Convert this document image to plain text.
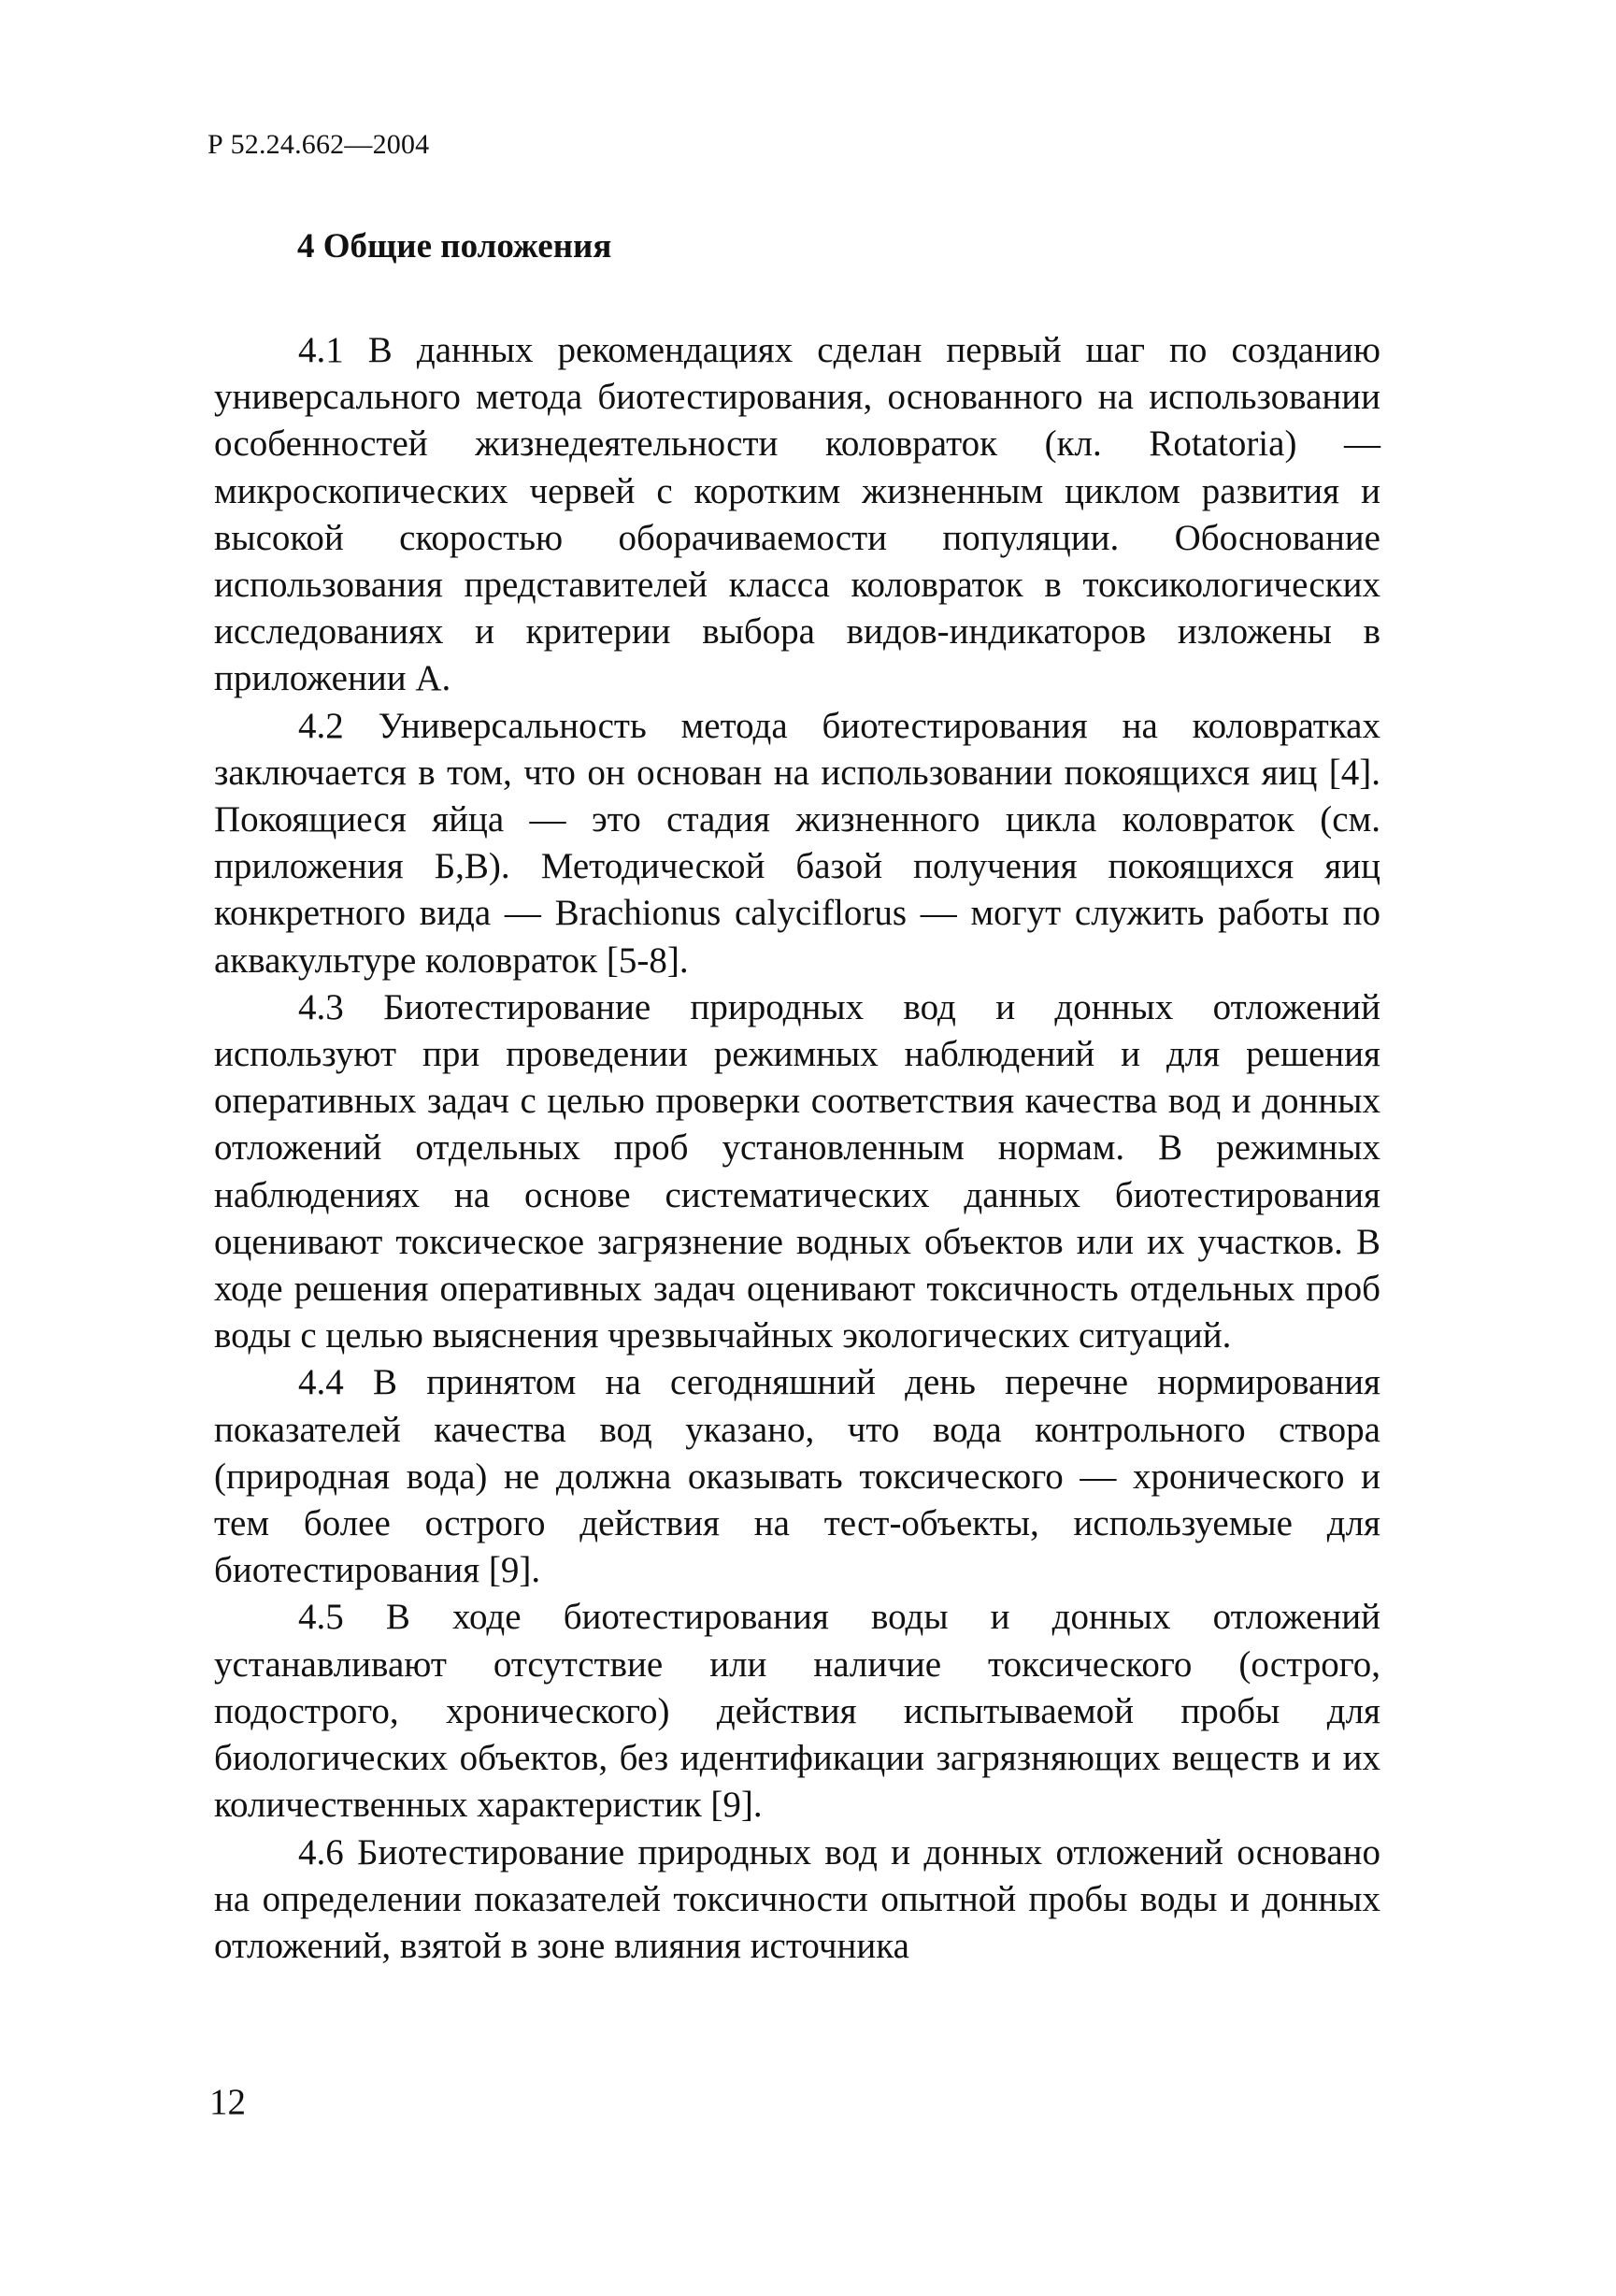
Р 52.24.662—2004
4 Общие положения

4.1 В данных рекомендациях сделан первый шаг по созданию универсального метода биотестирования, основанного на использовании особенностей жизнедеятельности коловраток (кл. Rotatoria) — микроскопических червей с коротким жизненным циклом развития и высокой скоростью оборачиваемости популяции. Обоснование использования представителей класса коловраток в токсикологических исследованиях и критерии выбора видов-индикаторов изложены в приложении А.

4.2 Универсальность метода биотестирования на коловратках заключается в том, что он основан на использовании покоящихся яиц [4]. Покоящиеся яйца — это стадия жизненного цикла коловраток (см. приложения Б,В). Методической базой получения покоящихся яиц конкретного вида — Brachionus calyciflorus — могут служить работы по аквакультуре коловраток [5-8].

4.3 Биотестирование природных вод и донных отложений используют при проведении режимных наблюдений и для решения оперативных задач с целью проверки соответствия качества вод и донных отложений отдельных проб установленным нормам. В режимных наблюдениях на основе систематических данных биотестирования оценивают токсическое загрязнение водных объектов или их участков. В ходе решения оперативных задач оценивают токсичность отдельных проб воды с целью выяснения чрезвычайных экологических ситуаций.

4.4 В принятом на сегодняшний день перечне нормирования показателей качества вод указано, что вода контрольного створа (природная вода) не должна оказывать токсического — хронического и тем более острого действия на тест-объекты, используемые для биотестирования [9].

4.5 В ходе биотестирования воды и донных отложений устанавливают отсутствие или наличие токсического (острого, подострого, хронического) действия испытываемой пробы для биологических объектов, без идентификации загрязняющих веществ и их количественных характеристик [9].

4.6 Биотестирование природных вод и донных отложений основано на определении показателей токсичности опытной пробы воды и донных отложений, взятой в зоне влияния источника

12
